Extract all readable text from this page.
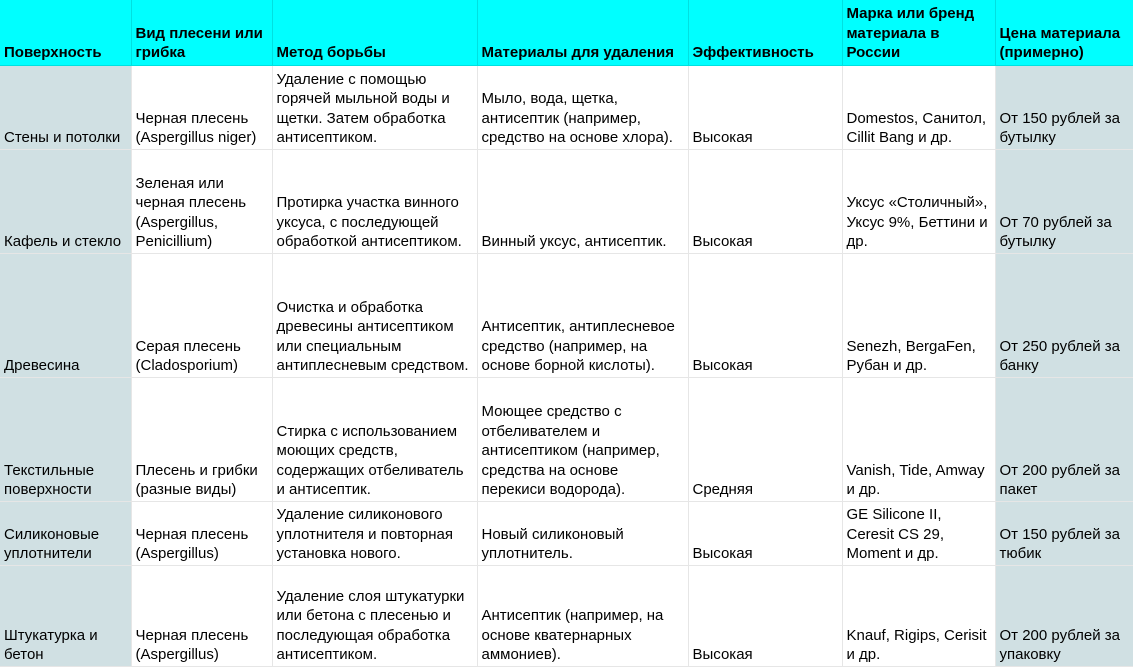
Поверхность	Вид плесени или грибка	Метод борьбы	Материалы для удаления	Эффективность	Марка или бренд материала в России	Цена материала (примерно)
Стены и потолки	Черная плесень (Aspergillus niger)	Удаление с помощью горячей мыльной воды и щетки. Затем обработка антисептиком.	Мыло, вода, щетка, антисептик (например, средство на основе хлора).	Высокая	Domestos, Санитол, Cillit Bang и др.	От 150 рублей за бутылку
Кафель и стекло	Зеленая или черная плесень (Aspergillus, Penicillium)	Протирка участка винного уксуса, с последующей обработкой антисептиком.	Винный уксус, антисептик.	Высокая	Уксус «Столичный», Уксус 9%, Беттини и др.	От 70 рублей за бутылку
Древесина	Серая плесень (Cladosporium)	Очистка и обработка древесины антисептиком или специальным антиплесневым средством.	Антисептик, антиплесневое средство (например, на основе борной кислоты).	Высокая	Senezh, BergaFen, Рубан и др.	От 250 рублей за банку
Текстильные поверхности	Плесень и грибки (разные виды)	Стирка с использованием моющих средств, содержащих отбеливатель и антисептик.	Моющее средство с отбеливателем и антисептиком (например, средства на основе перекиси водорода).	Средняя	Vanish, Tide, Amway и др.	От 200 рублей за пакет
Силиконовые уплотнители	Черная плесень (Aspergillus)	Удаление силиконового уплотнителя и повторная установка нового.	Новый силиконовый уплотнитель.	Высокая	GE Silicone II, Ceresit CS 29, Moment и др.	От 150 рублей за тюбик
Штукатурка и бетон	Черная плесень (Aspergillus)	Удаление слоя штукатурки или бетона с плесенью и последующая обработка антисептиком.	Антисептик (например, на основе кватернарных аммониев).	Высокая	Knauf, Rigips, Cerisit и др.	От 200 рублей за упаковку
